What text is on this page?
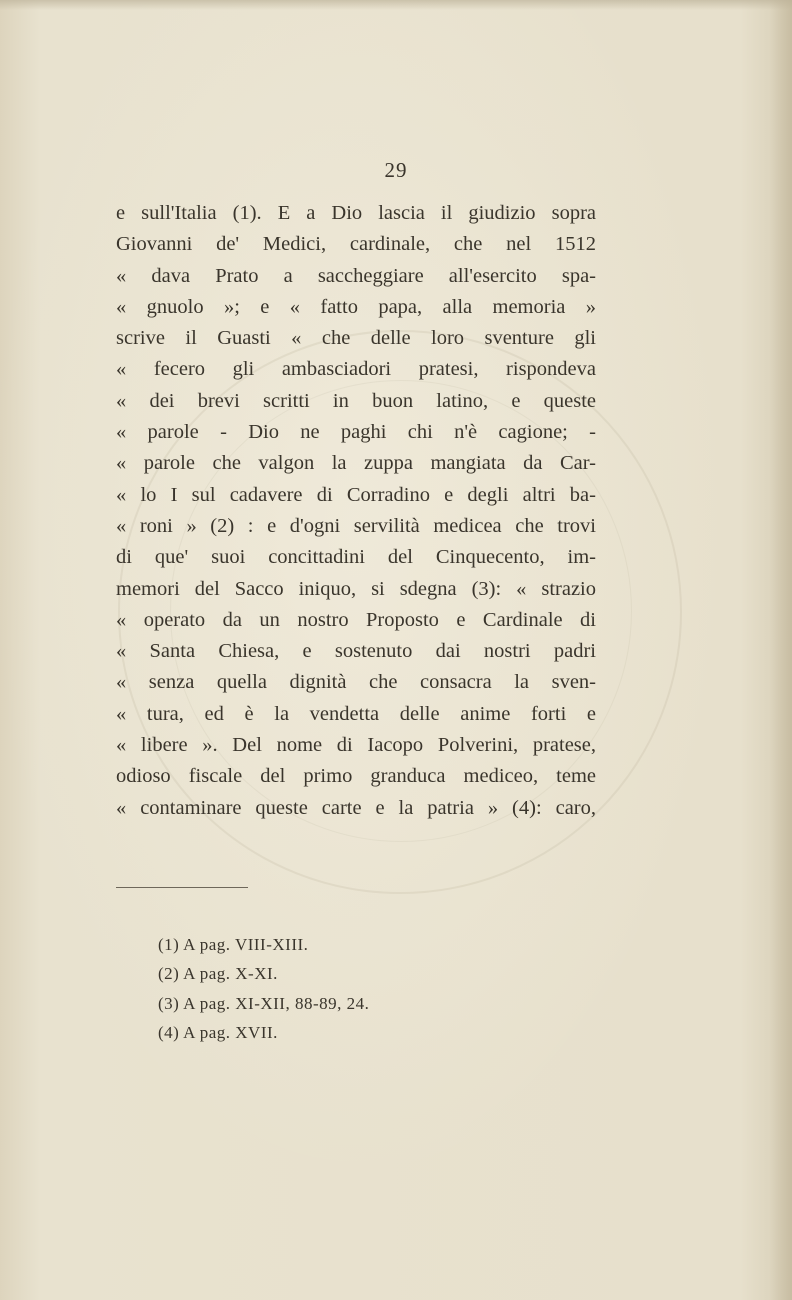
29
e sull'Italia (1). E a Dio lascia il giudizio sopra
Giovanni de' Medici, cardinale, che nel 1512
« dava Prato a saccheggiare all'esercito spa-
« gnuolo »; e « fatto papa, alla memoria »
scrive il Guasti « che delle loro sventure gli
« fecero gli ambasciadori pratesi, rispondeva
« dei brevi scritti in buon latino, e queste
« parole - Dio ne paghi chi n'è cagione; -
« parole che valgon la zuppa mangiata da Car-
« lo I sul cadavere di Corradino e degli altri ba-
« roni » (2) : e d'ogni servilità medicea che trovi
di que' suoi concittadini del Cinquecento, im-
memori del Sacco iniquo, si sdegna (3): « strazio
« operato da un nostro Proposto e Cardinale di
« Santa Chiesa, e sostenuto dai nostri padri
« senza quella dignità che consacra la sven-
« tura, ed è la vendetta delle anime forti e
« libere ». Del nome di Iacopo Polverini, pratese,
odioso fiscale del primo granduca mediceo, teme
« contaminare queste carte e la patria » (4): caro,
(1) A pag. VIII-XIII.
(2) A pag. X-XI.
(3) A pag. XI-XII, 88-89, 24.
(4) A pag. XVII.
